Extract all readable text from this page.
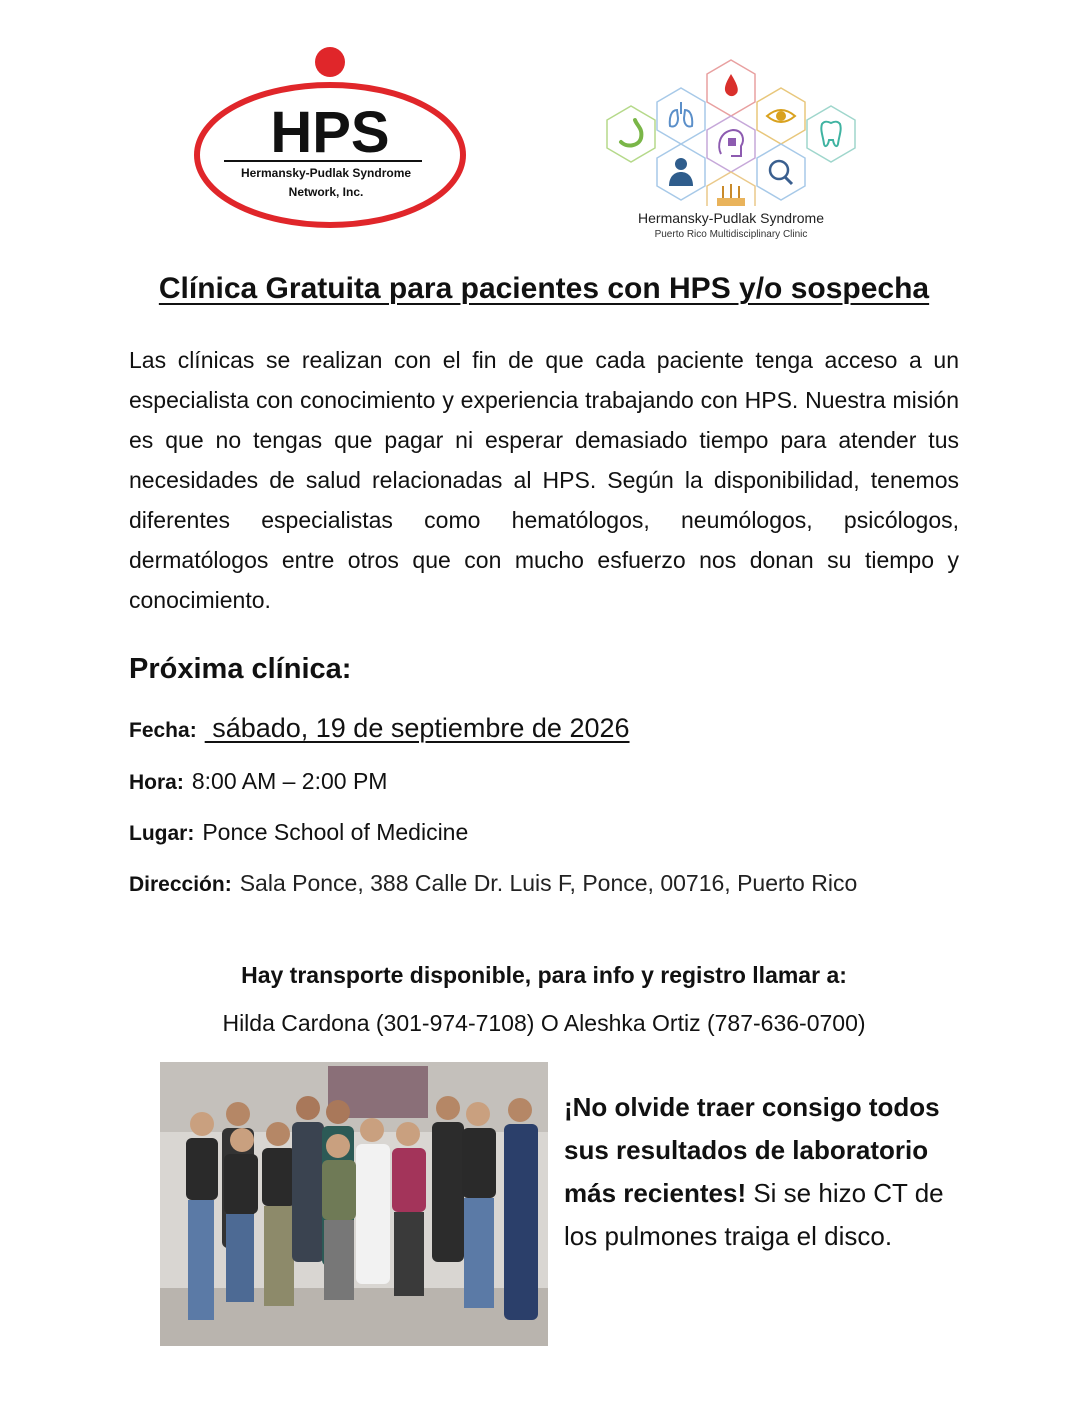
HPS
Hermansky-Pudlak Syndrome
Network, Inc.
Hermansky-Pudlak Syndrome
Puerto Rico Multidisciplinary Clinic
Clínica Gratuita para pacientes con HPS y/o sospecha
Las clínicas se realizan con el fin de que cada paciente tenga acceso a un especialista con conocimiento y experiencia trabajando con HPS. Nuestra misión es que no tengas que pagar ni esperar demasiado tiempo para atender tus necesidades de salud relacionadas al HPS. Según la disponibilidad, tenemos diferentes especialistas como hematólogos, neumólogos, psicólogos, dermatólogos entre otros que con mucho esfuerzo nos donan su tiempo y conocimiento.
Próxima clínica:
Fecha: sábado, 19 de septiembre de 2026
Hora: 8:00 AM – 2:00 PM
Lugar: Ponce School of Medicine
Dirección: Sala Ponce, 388 Calle Dr. Luis F, Ponce, 00716, Puerto Rico
Hay transporte disponible, para info y registro llamar a:
Hilda Cardona (301-974-7108) O Aleshka Ortiz (787-636-0700)
¡No olvide traer consigo todos sus resultados de laboratorio más recientes! Si se hizo CT de los pulmones traiga el disco.
